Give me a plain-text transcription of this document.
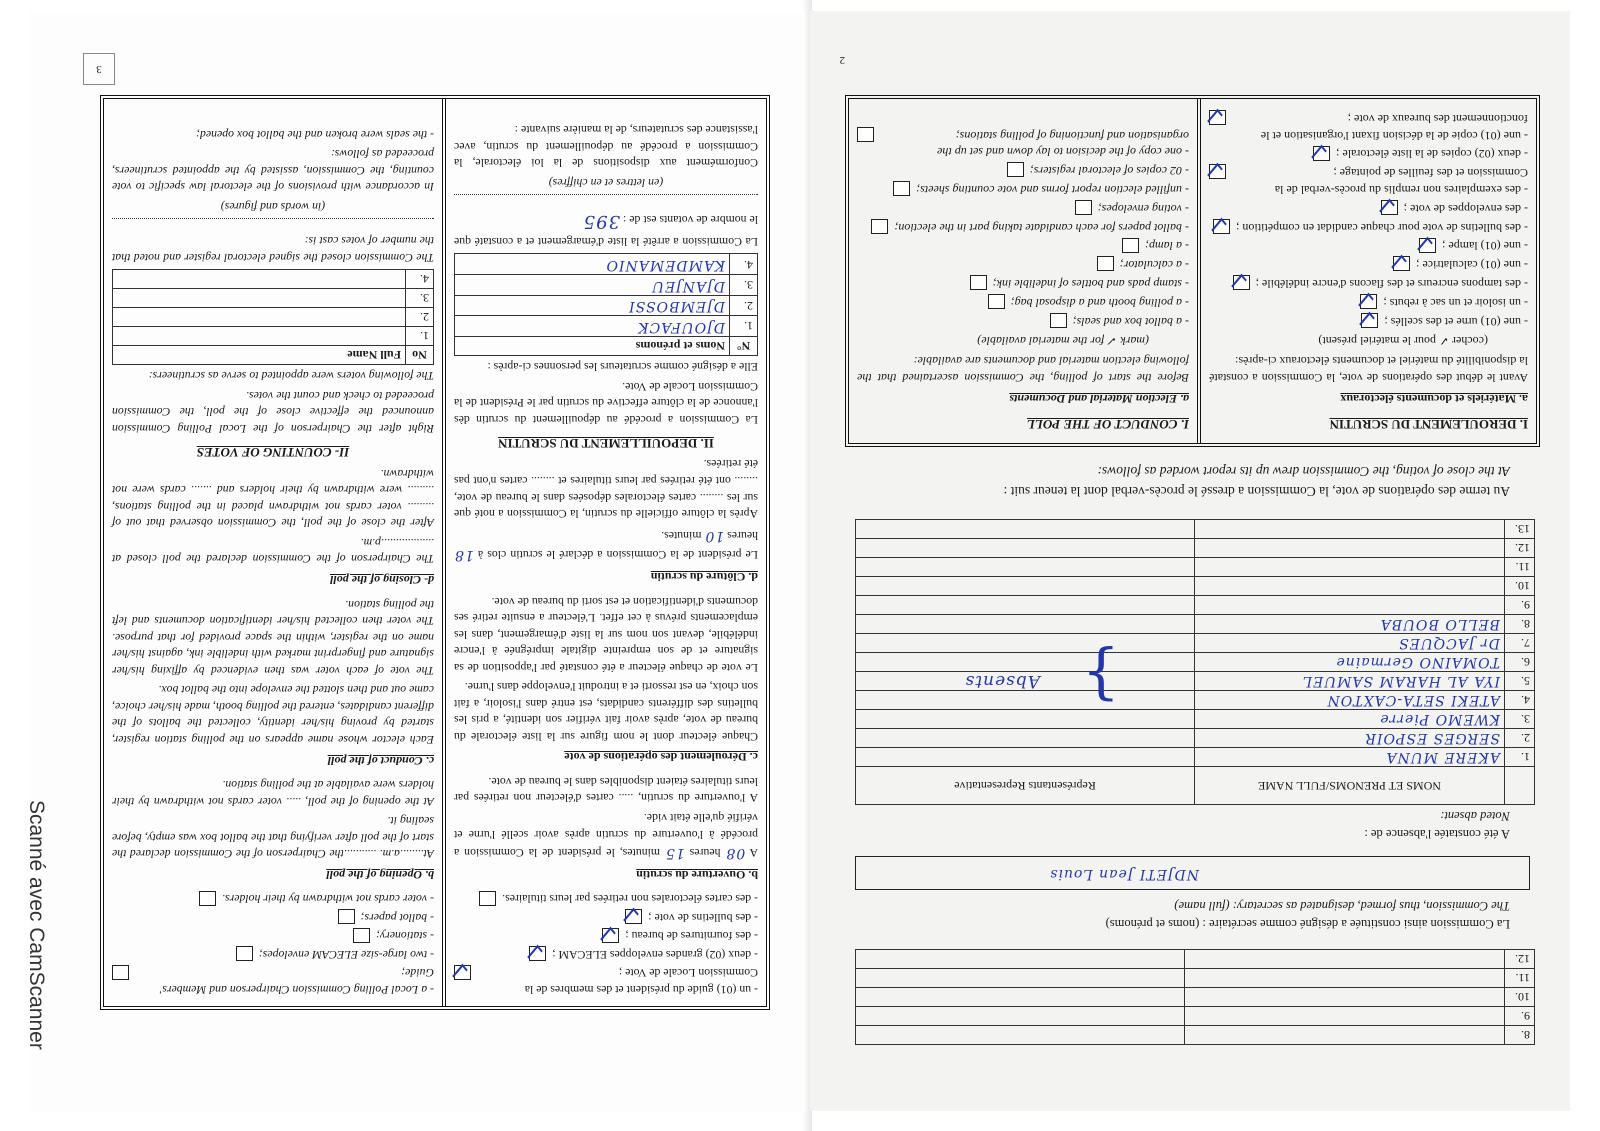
8.		
9.		
10.		
11.		
12.		
La Commission ainsi constituée a désigné comme secrétaire : (noms et prénoms)
The Commission, thus formed, designated as secretary: (full name)
NDJETI Jean Louis
A été constatée l'absence de :
Noted absent:
	NOMS ET PRENOMS/FULL NAME	Représentants Representative
1.	AKERE MUNA	
2.	SERGES ESPOIR	
3.	KWEMO Pierre	
4.	ATEKI SETA-CAXTON	
5.	IYA AL HARAM SAMUEL	
6.	TOMAINO Germaine	
7.	Dr JACQUES	
8.	BELLO BOUBA	
9.		
10.		
11.		
12.		
13.		
}
Absents
Au terme des opérations de vote, la Commission a dressé le procès-verbal dont la teneur suit :
At the close of voting, the Commission drew up its report worded as follows:
I. DEROULEMENT DU SCRUTIN
a. Matériels et documents électoraux

Avant le début des opérations de vote, la Commission a constaté la disponibilité du matériel et documents électoraux ci-après:

(cocher ✓ pour le matériel présent)

- une (01) urne et des scellés ;
- un isoloir et un sac à rebuts ;
- des tampons encreurs et des flacons d'encre indélébile ;
- une (01) calculatrice ;
- une (01) lampe ;
- des bulletins de vote pour chaque candidat en compétition ;
- des enveloppes de vote ;
- des exemplaires non remplis du procès-verbal de la Commission et des feuilles de pointage ;
- deux (02) copies de la liste électorale ;
- une (01) copie de la décision fixant l'organisation et le fonctionnement des bureaux de vote ;
I. CONDUCT OF THE POLL
a. Election Material and Documents

Before the start of polling, the Commission ascertained that the following election material and documents are available:

(mark ✓ for the material available)

- a ballot box and seals;
- a polling booth and a disposal bag;
- stamp pads and bottles of indelible ink;
- a calculator;
- a lamp;
- ballot papers for each candidate taking part in the election;
- voting envelopes;
- unfilled election report forms and vote counting sheets;
- 02 copies of electoral registers;
- one copy of the decision to lay down and set up the organisation and functioning of polling stations;
2
- un (01) guide du président et des membres de la Commission Locale de Vote ;
- deux (02) grandes enveloppes ELECAM ;
- des fournitures de bureau ;
- des bulletins de vote ;
- des cartes électorales non retirées par leurs titulaires.
b. Ouverture du scrutin

A 08 heures 15 minutes, le président de la Commission a procédé à l'ouverture du scrutin après avoir scellé l'urne et vérifié qu'elle était vide.

A l'ouverture du scrutin, ..... cartes d'électeur non retirées par leurs titulaires étaient disponibles dans le bureau de vote.

c. Déroulement des opérations de vote

Chaque électeur dont le nom figure sur la liste électorale du bureau de vote, après avoir fait vérifier son identité, a pris les bulletins des différents candidats, est entré dans l'isoloir, a fait son choix, en est ressorti et a introduit l'enveloppe dans l'urne.

Le vote de chaque électeur a été constaté par l'apposition de sa signature et de son empreinte digitale imprégnée à l'encre indélébile, devant son nom sur la liste d'émargement, dans les emplacements prévus à cet effet. L'électeur a ensuite retiré ses documents d'identification et est sorti du bureau de vote.

d. Clôture du scrutin

Le président de la Commission a déclaré le scrutin clos à 18 heures 10 minutes.

Après la clôture officielle du scrutin, la Commission a noté que sur les ........ cartes électorales déposées dans le bureau de vote, ........ ont été retirées par leurs titulaires et ........ cartes n'ont pas été retirées.

II. DEPOUILLEMENT DU SCRUTIN

La Commission a procédé au dépouillement du scrutin dès l'annonce de la clôture effective du scrutin par le Président de la Commission Locale de Vote.

Elle a désigné comme scrutateurs les personnes ci-après :

N°	Noms et prénoms
1.	DJOUFACK
2.	DJEMBOSSI
3.	DJANJEU
4.	KAMDEMANIO

La Commission a arrêté la liste d'émargement et a constaté que le nombre de votants est de : 395

(en lettres et en chiffres)

Conformément aux dispositions de la loi électorale, la Commission a procédé au dépouillement du scrutin, avec l'assistance des scrutateurs, de la manière suivante :

- a Local Polling Commission Chairperson and Members' Guide;
- two large-size ELECAM envelopes;
- stationery;
- ballot papers;
- voter cards not withdrawn by their holders.
b. Opening of the poll

At........a.m. ...........the Chairperson of the Commission declared the start of the poll after verifying that the ballot box was empty, before sealing it.

At the opening of the poll, ..... voter cards not withdrawn by their holders were available at the polling station.

c. Conduct of the poll

Each elector whose name appears on the polling station register, started by proving his/her identity, collected the ballots of the different candidates, entered the polling booth, made his/her choice, came out and then slotted the envelope into the ballot box.

The vote of each voter was then evidenced by affixing his/her signature and fingerprint marked with indelible ink, against his/her name on the register, within the space provided for that purpose. The voter then collected his/her identification documents and left the polling station.

d- Closing of the poll

The Chairperson of the Commission declared the poll closed at ..................p.m.

After the close of the poll, the Commission observed that out of ......... voter cards not withdrawn placed in the polling stations, ......... were withdrawn by their holders and ....... cards were not withdrawn.

II- COUNTING OF VOTES

Right after the Chairperson of the Local Polling Commission announced the effective close of the poll, the Commission proceeded to check and count the votes.

The following voters were appointed to serve as scrutineers:

No	Full Name
1.	
2.	
3.	
4.	

The Commission closed the signed electoral register and noted that the number of votes cast is:

(in words and figures)

In accordance with provisions of the electoral law specific to vote counting, the Commission, assisted by the appointed scrutineers, proceeded as follows:

- the seals were broken and the ballot box opened;

3
Scanné avec CamScanner
